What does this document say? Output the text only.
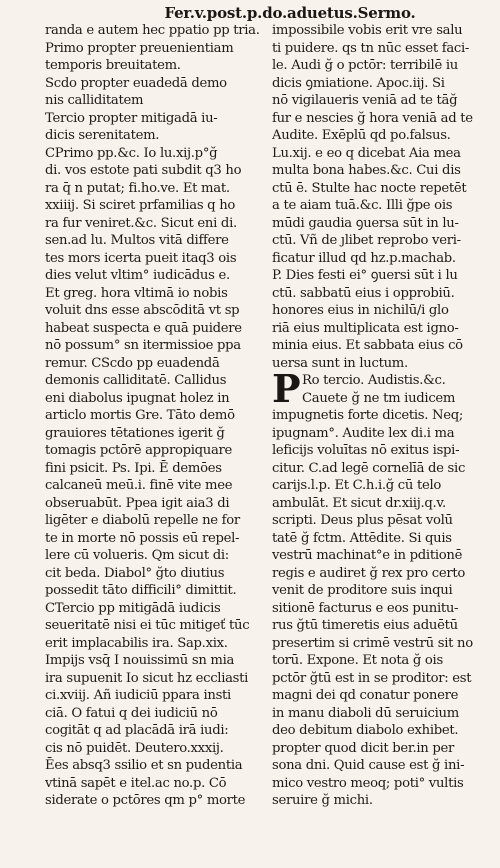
Fer.v.post.p.do.aduetus.Sermo.
randa e autem hec ppatio pp tria.
Primo propter preuenientiam
temporis breuitatem.
Scdo propter euadedā demo
nis calliditatem
Tercio propter mitigadā iu-
dicis serenitatem.
CPrimo pp.&c. Io lu.xij.p°ğ
di. vos estote pati subdit q3 ho
ra q̄ n putat; fi.ho.ve. Et mat.
xxiiij. Si sciret prfamilias q ho
ra fur veniret.&c. Sicut eni di.
sen.ad lu. Multos vitā differe
tes mors icerta pueit itaq3 ois
dies velut vltim° iudicādus e.
Et greg. hora vltimā io nobis
voluit dns esse abscōditā vt sp
habeat suspecta e quā puidere
nō possum° sn itermissioe ppa
remur. CScdo pp euadendā
demonis calliditatē. Callidus
eni diabolus ipugnat holez in
articlo mortis Gre. Tāto demō
grauiores tētationes igerit ğ
tomagis pctōrē appropiquare
fini psicit. Ps. Ipi. Ē demōes
calcaneū meū.i. finē vite mee
obseruabūt. Ppea igit aia3 di
ligēter e diabolū repelle ne for
te in morte nō possis eū repel-
lere cū volueris. Qm sicut di:
cit beda. Diabol° ğto diutius
possedit tāto difficili° dimittit.
CTercio pp mitigādā iudicis
seueritatē nisi ei tūc mitigeť tūc
erit implacabilis ira. Sap.xix.
Impijs vsq̄ I nouissimū sn mia
ira supuenit Io sicut hz eccliasti
ci.xviij. Añ iudiciū ppara insti
ciā. O fatui q dei iudiciū nō
cogitāt q ad placādā irā iudi:
cis nō puidēt. Deutero.xxxij.
Ēes absq3 ssilio et sn pudentia
vtinā sapēt e itel.ac no.p. Cō
siderate o pctōres qm p° morte
impossibile vobis erit vre salu
ti puidere. qs tn nūc esset faci-
le. Audi ğ o pctōr: terribilē iu
dicis ꝯmiatione. Apoc.iij. Si
nō vigilaueris veniā ad te tāğ
fur e nescies ğ hora veniā ad te
Audite. Exēplū qd po.falsus.
Lu.xij. e eo q dicebat Aia mea
multa bona habes.&c. Cui dis
ctū ē. Stulte hac nocte repetēt
a te aiam tuā.&c. Illi ğpe ois
mūdi gaudia ꝯuersa sūt in lu-
ctū. Vñ de ȷlibet reprobo veri-
ficatur illud qd hz.p.machab.
P. Dies festi ei° ꝯuersi sūt i lu
ctū. sabbatū eius i opprobiū.
honores eius in nichilū/i glo
riā eius multiplicata est igno-
minia eius. Et sabbata eius cō
uersa sunt in luctum.
P Ro tercio. Audistis.&c.
Cauete ğ ne tm iudicem
impugnetis forte dicetis. Neq;
ipugnam°. Audite lex di.i ma
leficijs voluītas nō exitus ispi-
citur. C.ad legē cornelīā de sic
carijs.l.p. Et C.h.i.ğ cū telo
ambulāt. Et sicut dr.xiij.q.v.
scripti. Deus plus pēsat volū
tatē ğ fctm. Attēdite. Si quis
vestrū machinat°e in pditionē
regis e audiret ğ rex pro certo
venit de proditore suis inqui
sitionē facturus e eos punitu-
rus ğtū timeretis eius aduētū
presertim si crimē vestrū sit no
torū. Expone. Et nota ğ ois
pctōr ğtū est in se proditor: est
magni dei qd conatur ponere
in manu diaboli dū seruicium
deo debitum diabolo exhibet.
propter quod dicit ber.in per
sona dni. Quid cause est ğ ini-
mico vestro meoq; poti° vultis
seruire ğ michi.
